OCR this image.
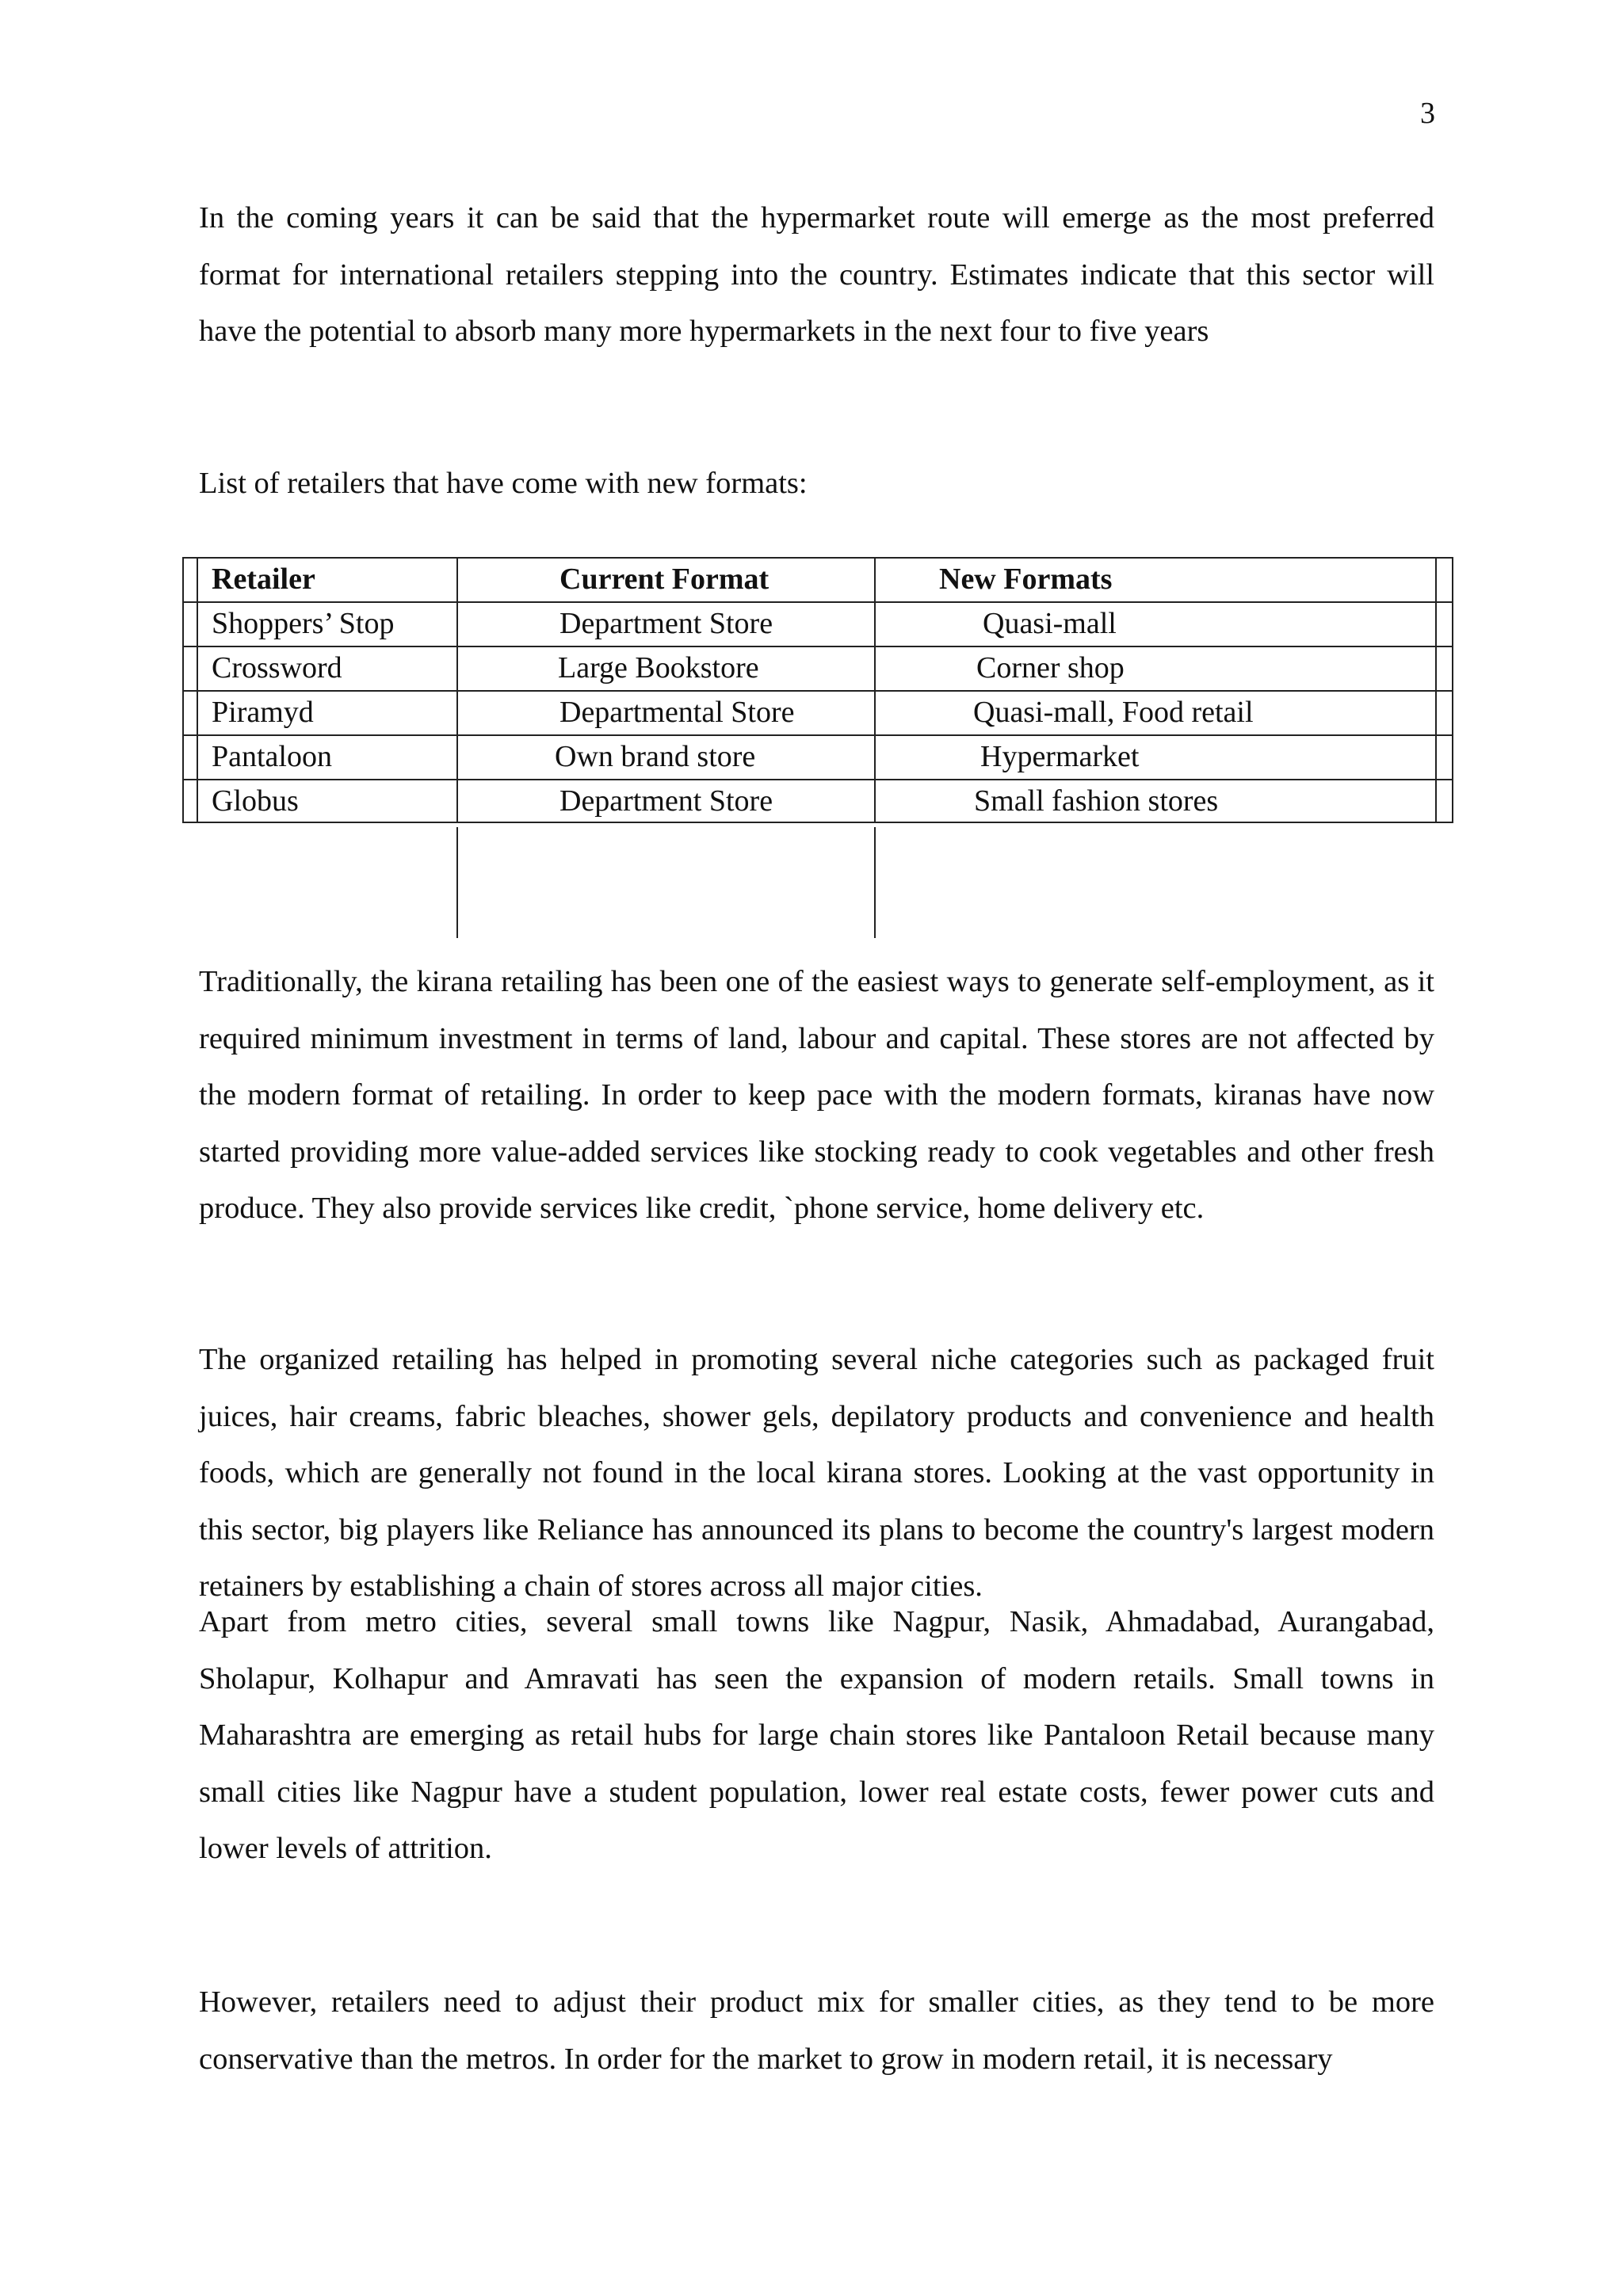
3

In the coming years it can be said that the hypermarket route will emerge as the most preferred format for international retailers stepping into the country. Estimates indicate that this sector will have the potential to absorb many more hypermarkets in the next four to five years

List of retailers that have come with new formats:

Retailer	Current Format	New Formats
Shoppers’ Stop	Department Store	Quasi-mall
Crossword	Large Bookstore	Corner shop
Piramyd	Departmental Store	Quasi-mall, Food retail
Pantaloon	Own brand store	Hypermarket
Globus	Department Store	Small fashion stores

Traditionally, the kirana retailing has been one of the easiest ways to generate self-employment, as it required minimum investment in terms of land, labour and capital. These stores are not affected by the modern format of retailing. In order to keep pace with the modern formats, kiranas have now started providing more value-added services like stocking ready to cook vegetables and other fresh produce. They also provide services like credit, `phone service, home delivery etc.

The organized retailing has helped in promoting several niche categories such as packaged fruit juices, hair creams, fabric bleaches, shower gels, depilatory products and convenience and health foods, which are generally not found in the local kirana stores. Looking at the vast opportunity in this sector, big players like Reliance has announced its plans to become the country's largest modern retainers by establishing a chain of stores across all major cities.

Apart from metro cities, several small towns like Nagpur, Nasik, Ahmadabad, Aurangabad, Sholapur, Kolhapur and Amravati has seen the expansion of modern retails. Small towns in Maharashtra are emerging as retail hubs for large chain stores like Pantaloon Retail because many small cities like Nagpur have a student population, lower real estate costs, fewer power cuts and lower levels of attrition.

However, retailers need to adjust their product mix for smaller cities, as they tend to be more conservative than the metros. In order for the market to grow in modern retail, it is necessary
